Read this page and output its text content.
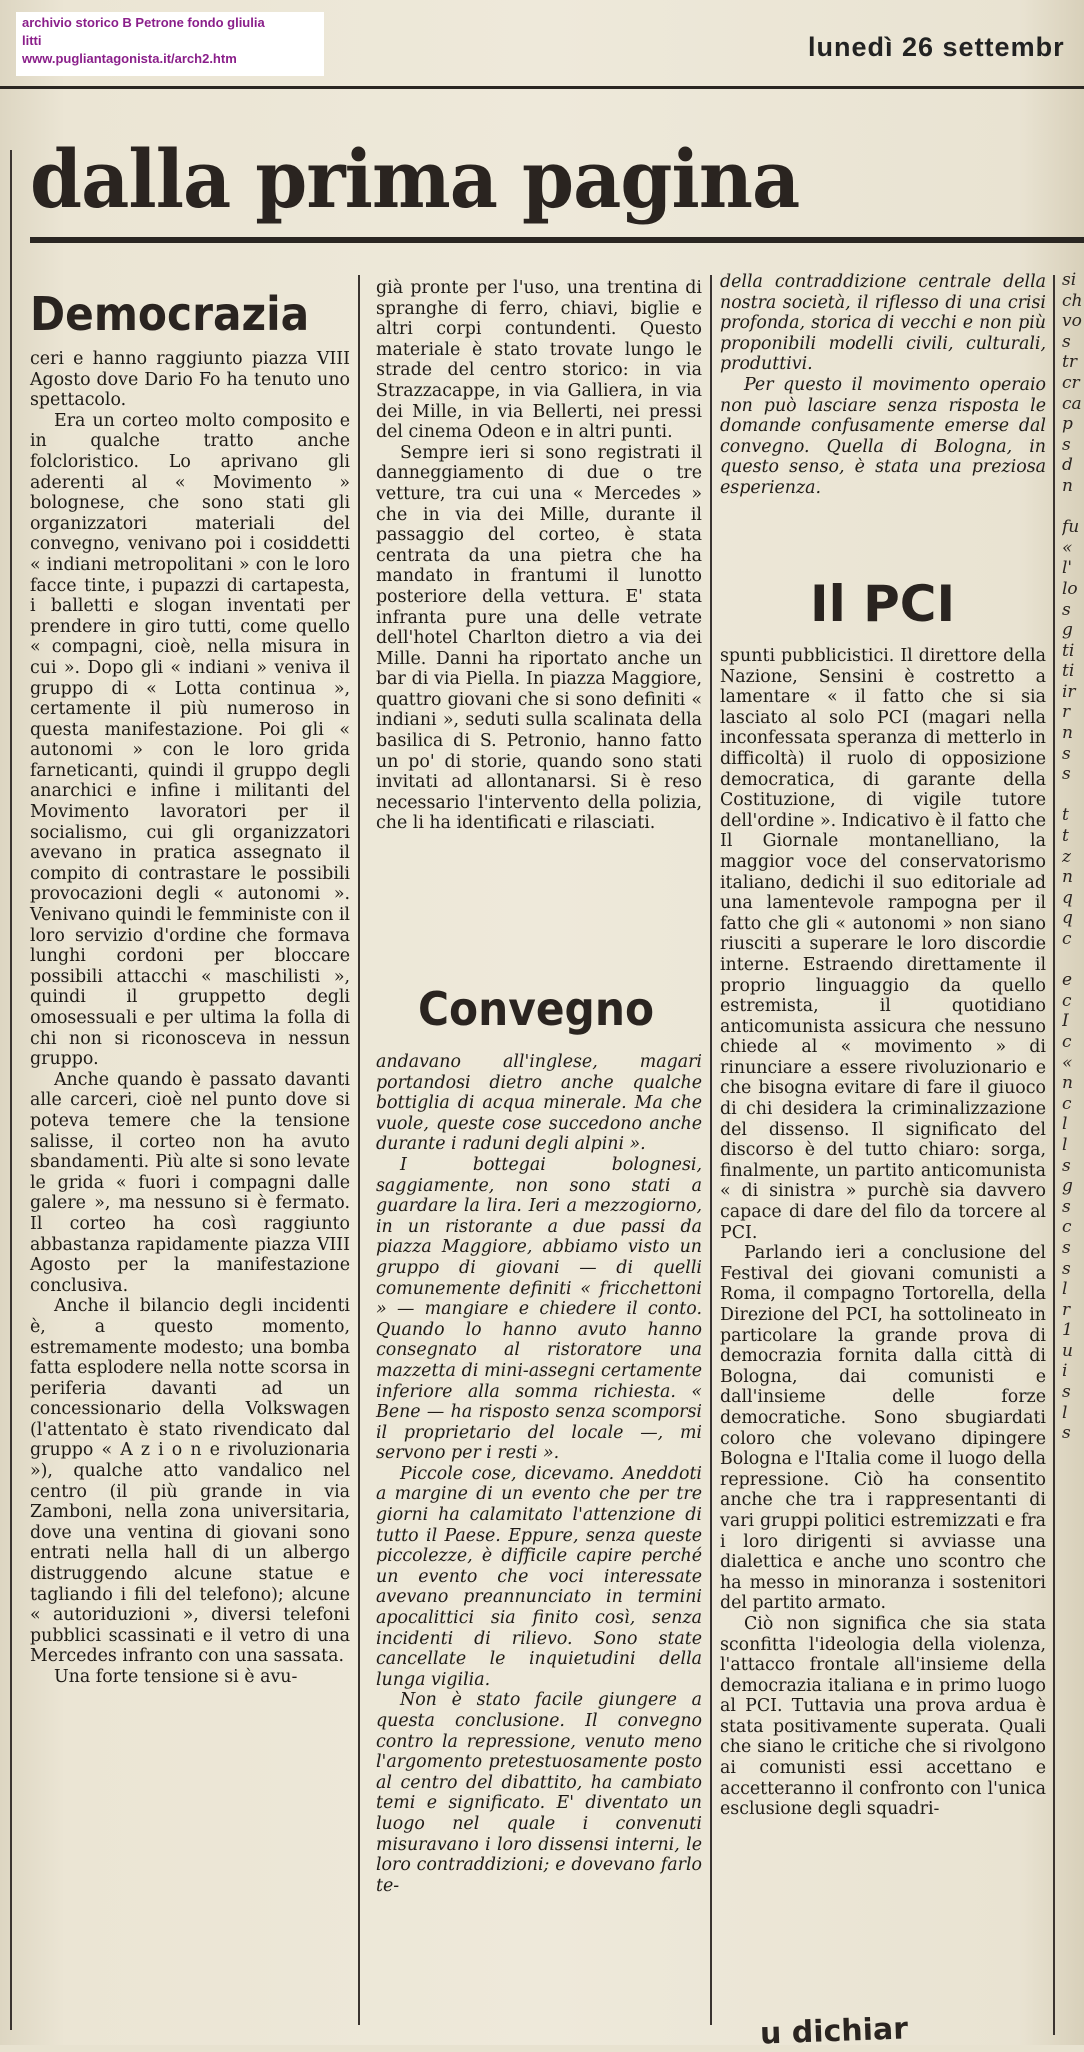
archivio storico B Petrone fondo gliulia
litti
www.pugliantagonista.it/arch2.htm	lunedì 26 settembr
dalla prima pagina
Democrazia

ceri e hanno raggiunto piazza VIII Agosto dove Dario Fo ha tenuto uno spettacolo.

Era un corteo molto composito e in qualche tratto anche folcloristico. Lo aprivano gli aderenti al « Movimento » bolognese, che sono stati gli organizzatori materiali del convegno, venivano poi i cosiddetti « indiani metropolitani » con le loro facce tinte, i pupazzi di cartapesta, i balletti e slogan inventati per prendere in giro tutti, come quello « compagni, cioè, nella misura in cui ». Dopo gli « indiani » veniva il gruppo di « Lotta continua », certamente il più numeroso in questa manifestazione. Poi gli « autonomi » con le loro grida farneticanti, quindi il gruppo degli anarchici e infine i militanti del Movimento lavoratori per il socialismo, cui gli organizzatori avevano in pratica assegnato il compito di contrastare le possibili provocazioni degli « autonomi ». Venivano quindi le femministe con il loro servizio d'ordine che formava lunghi cordoni per bloccare possibili attacchi « maschilisti », quindi il gruppetto degli omosessuali e per ultima la folla di chi non si riconosceva in nessun gruppo.

Anche quando è passato davanti alle carceri, cioè nel punto dove si poteva temere che la tensione salisse, il corteo non ha avuto sbandamenti. Più alte si sono levate le grida « fuori i compagni dalle galere », ma nessuno si è fermato. Il corteo ha così raggiunto abbastanza rapidamente piazza VIII Agosto per la manifestazione conclusiva.

Anche il bilancio degli incidenti è, a questo momento, estremamente modesto; una bomba fatta esplodere nella notte scorsa in periferia davanti ad un concessionario della Volkswagen (l'attentato è stato rivendicato dal gruppo « A z i o n e rivoluzionaria »), qualche atto vandalico nel centro (il più grande in via Zamboni, nella zona universitaria, dove una ventina di giovani sono entrati nella hall di un albergo distruggendo alcune statue e tagliando i fili del telefono); alcune « autoriduzioni », diversi telefoni pubblici scassinati e il vetro di una Mercedes infranto con una sassata.

Una forte tensione si è avu-

già pronte per l'uso, una trentina di spranghe di ferro, chiavi, biglie e altri corpi contundenti. Questo materiale è stato trovate lungo le strade del centro storico: in via Strazzacappe, in via Galliera, in via dei Mille, in via Bellerti, nei pressi del cinema Odeon e in altri punti.

Sempre ieri si sono registrati il danneggiamento di due o tre vetture, tra cui una « Mercedes » che in via dei Mille, durante il passaggio del corteo, è stata centrata da una pietra che ha mandato in frantumi il lunotto posteriore della vettura. E' stata infranta pure una delle vetrate dell'hotel Charlton dietro a via dei Mille. Danni ha riportato anche un bar di via Piella. In piazza Maggiore, quattro giovani che si sono definiti « indiani », seduti sulla scalinata della basilica di S. Petronio, hanno fatto un po' di storie, quando sono stati invitati ad allontanarsi. Si è reso necessario l'intervento della polizia, che li ha identificati e rilasciati.

Convegno

andavano all'inglese, magari portandosi dietro anche qualche bottiglia di acqua minerale. Ma che vuole, queste cose succedono anche durante i raduni degli alpini ».

I bottegai bolognesi, saggiamente, non sono stati a guardare la lira. Ieri a mezzogiorno, in un ristorante a due passi da piazza Maggiore, abbiamo visto un gruppo di giovani — di quelli comunemente definiti « fricchettoni » — mangiare e chiedere il conto. Quando lo hanno avuto hanno consegnato al ristoratore una mazzetta di mini-assegni certamente inferiore alla somma richiesta. « Bene — ha risposto senza scomporsi il proprietario del locale —, mi servono per i resti ».

Piccole cose, dicevamo. Aneddoti a margine di un evento che per tre giorni ha calamitato l'attenzione di tutto il Paese. Eppure, senza queste piccolezze, è difficile capire perché un evento che voci interessate avevano preannunciato in termini apocalittici sia finito così, senza incidenti di rilievo. Sono state cancellate le inquietudini della lunga vigilia.

Non è stato facile giungere a questa conclusione. Il convegno contro la repressione, venuto meno l'argomento pretestuosamente posto al centro del dibattito, ha cambiato temi e significato. E' diventato un luogo nel quale i convenuti misuravano i loro dissensi interni, le loro contraddizioni; e dovevano farlo te-

della contraddizione centrale della nostra società, il riflesso di una crisi profonda, storica di vecchi e non più proponibili modelli civili, culturali, produttivi.

Per questo il movimento operaio non può lasciare senza risposta le domande confusamente emerse dal convegno. Quella di Bologna, in questo senso, è stata una preziosa esperienza.

Il PCI

spunti pubblicistici. Il direttore della Nazione, Sensini è costretto a lamentare « il fatto che si sia lasciato al solo PCI (magari nella inconfessata speranza di metterlo in difficoltà) il ruolo di opposizione democratica, di garante della Costituzione, di vigile tutore dell'ordine ». Indicativo è il fatto che Il Giornale montanelliano, la maggior voce del conservatorismo italiano, dedichi il suo editoriale ad una lamentevole rampogna per il fatto che gli « autonomi » non siano riusciti a superare le loro discordie interne. Estraendo direttamente il proprio linguaggio da quello estremista, il quotidiano anticomunista assicura che nessuno chiede al « movimento » di rinunciare a essere rivoluzionario e che bisogna evitare di fare il giuoco di chi desidera la criminalizzazione del dissenso. Il significato del discorso è del tutto chiaro: sorga, finalmente, un partito anticomunista « di sinistra » purchè sia davvero capace di dare del filo da torcere al PCI.

Parlando ieri a conclusione del Festival dei giovani comunisti a Roma, il compagno Tortorella, della Direzione del PCI, ha sottolineato in particolare la grande prova di democrazia fornita dalla città di Bologna, dai comunisti e dall'insieme delle forze democratiche. Sono sbugiardati coloro che volevano dipingere Bologna e l'Italia come il luogo della repressione. Ciò ha consentito anche che tra i rappresentanti di vari gruppi politici estremizzati e fra i loro dirigenti si avviasse una dialettica e anche uno scontro che ha messo in minoranza i sostenitori del partito armato.

Ciò non significa che sia stata sconfitta l'ideologia della violenza, l'attacco frontale all'insieme della democrazia italiana e in primo luogo al PCI. Tuttavia una prova ardua è stata positivamente superata. Quali che siano le critiche che si rivolgono ai comunisti essi accettano e accetteranno il confronto con l'unica esclusione degli squadri-

si
ch
vo
s
tr
cr
ca
p
s
d
n
fu
«
l'
lo
s
g
ti
ti
ir
r
n
s
s
t
t
z
n
q
q
c
e
c
I
c
«
n
c
l
l
s
g
s
c
s
s
l
r
1
u
i
s
l
s
u dichiar
